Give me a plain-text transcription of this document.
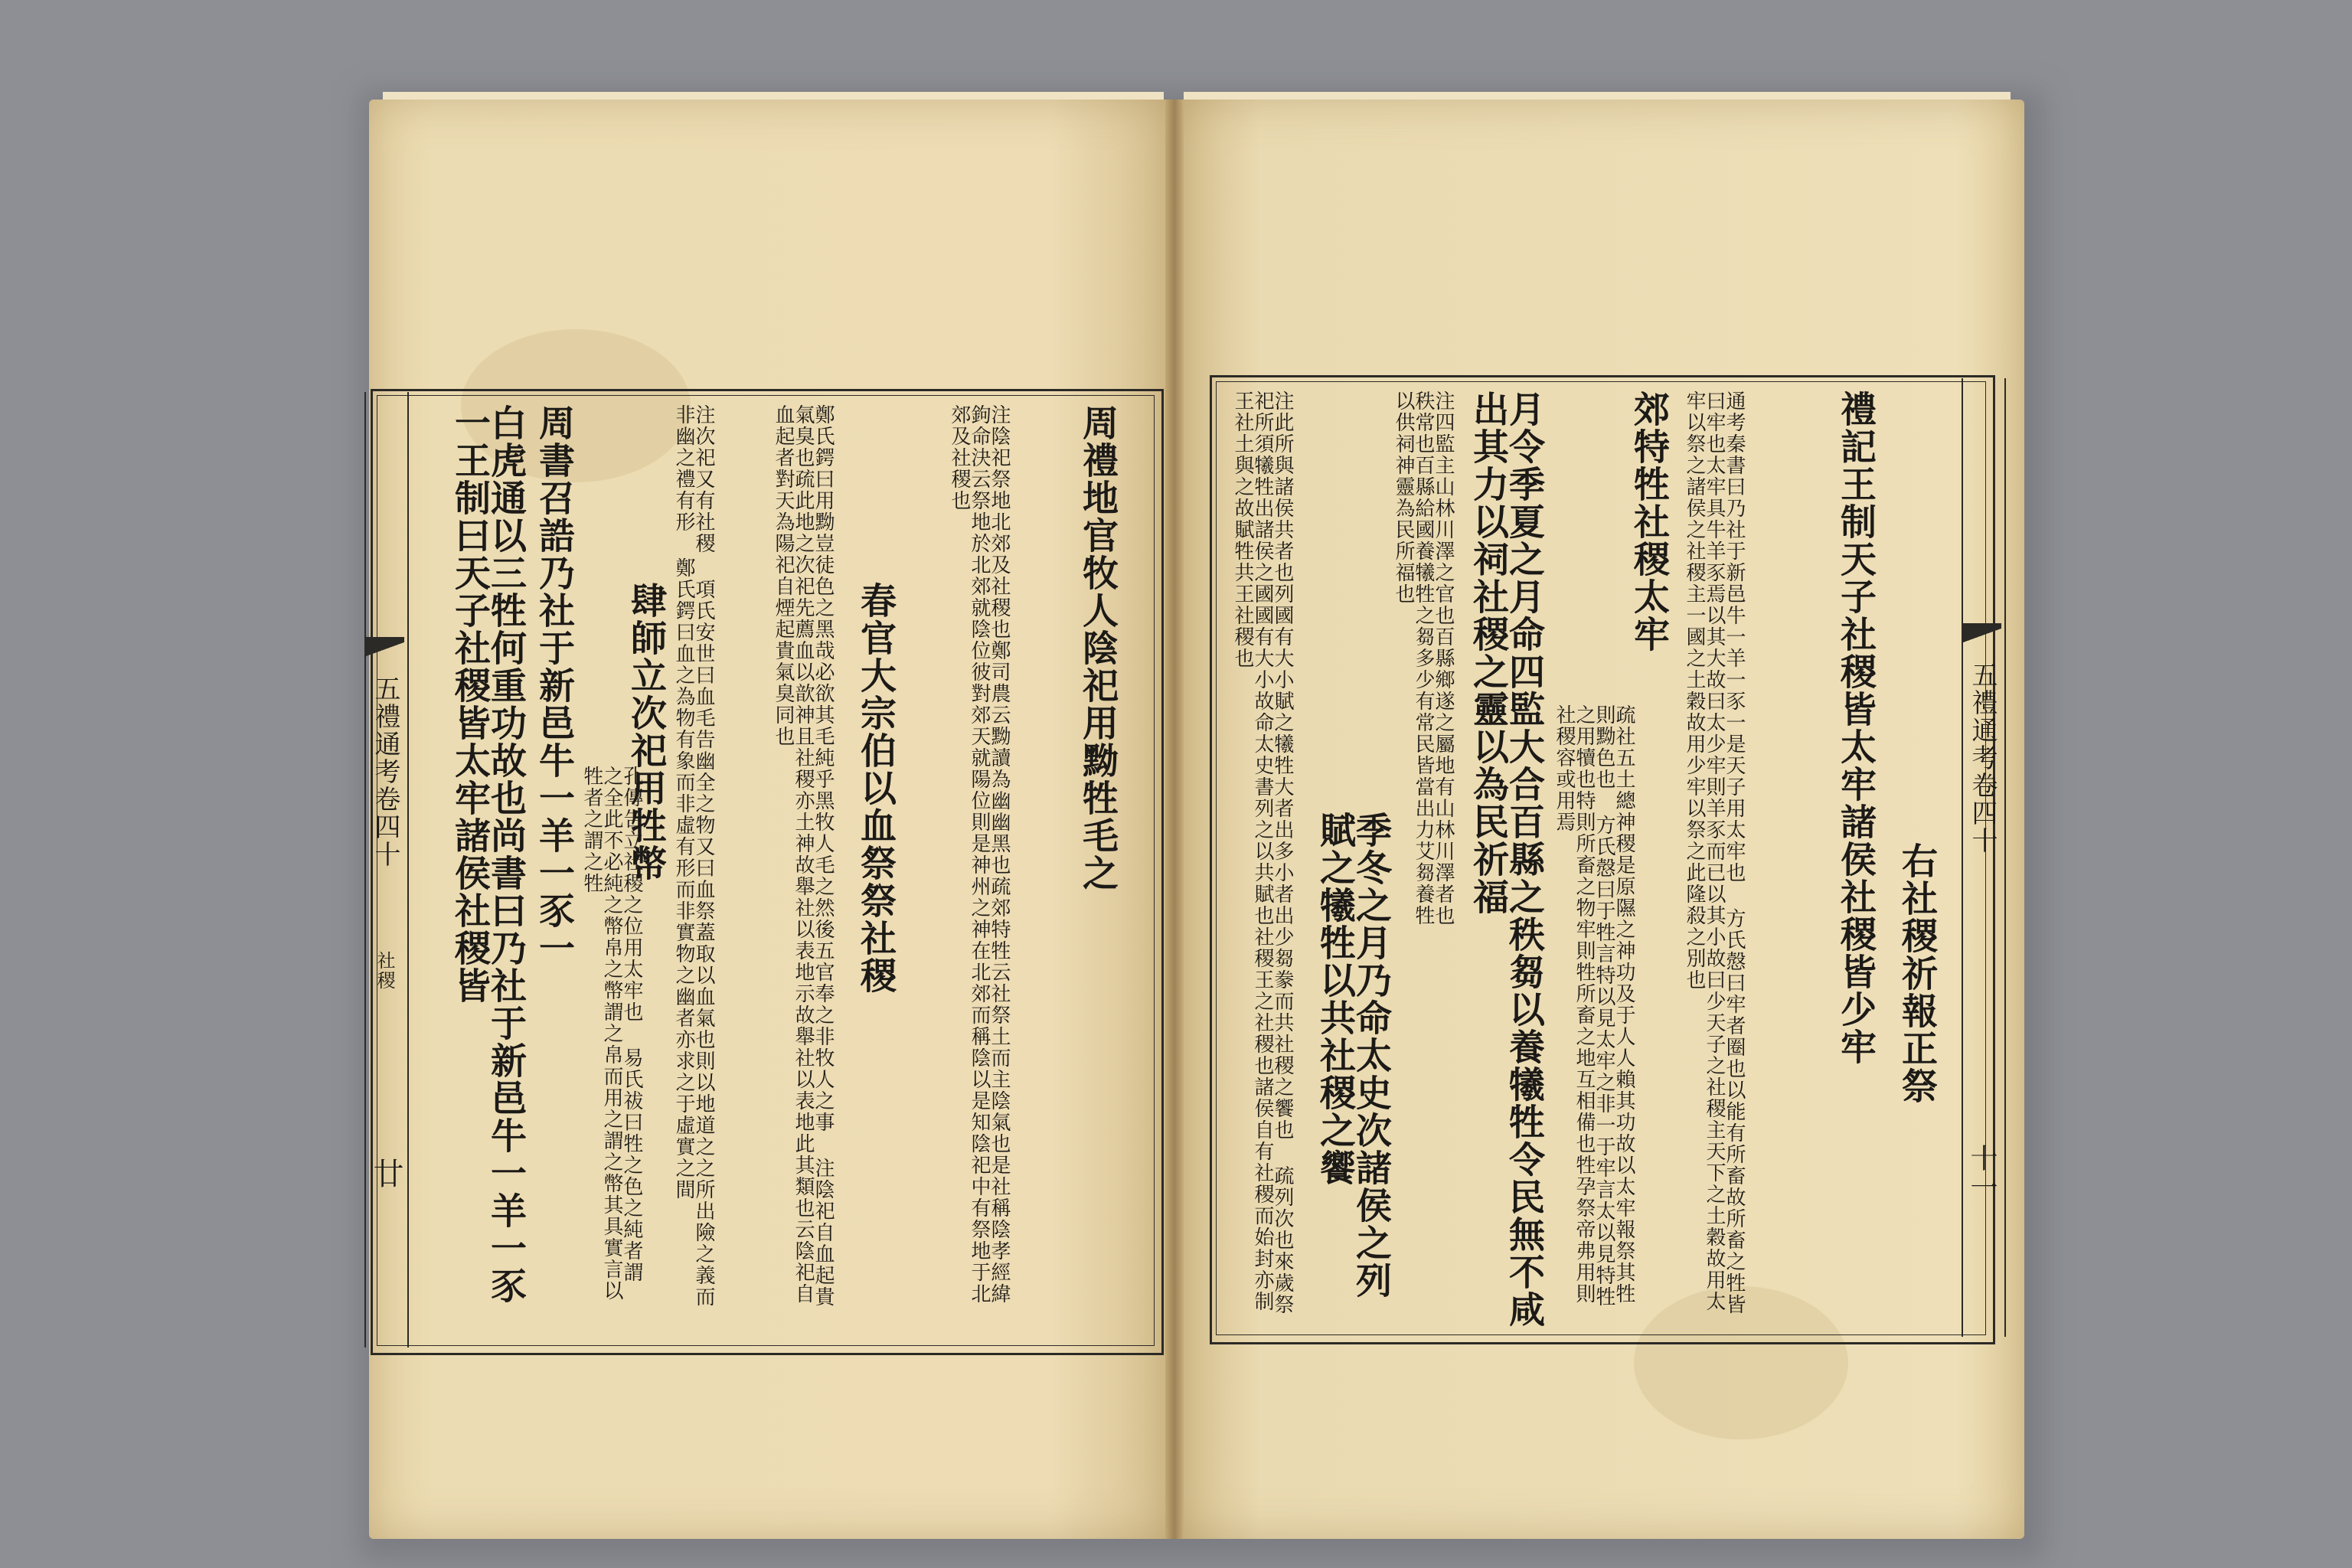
五禮通考卷四十
社稷
廿
周禮地官牧人陰祀用黝牲毛之
注陰祀祭地北郊及社稷也鄭司農云黝讀為幽幽黑也疏郊特牲云社祭土而主陰氣也是社稱陰孝經緯鉤命決云祭地於北郊就陰位彼對郊天就陽位則是神州之神在北郊而稱陰以是知陰祀中有祭地于北郊及社稷也
春官大宗伯以血祭祭社稷
鄭氏鍔曰用黝豈徒色之黑哉必欲其毛純乎黑牧人毛之然後五官奉之非牧人之事 注陰祀自血起貴氣臭也疏此地之次祀先薦血以歆神且社稷亦土神故舉社以表地示故舉社以表地此其類也云陰祀自血起者對天為陽祀自煙起貴氣臭同也
肆師立次祀用牲幣	注次祀又有社稷 項氏安世曰血毛告幽全之物又曰血祭蓋取以血氣也則以地道之之所出險之義而非幽之禮有形 鄭氏鍔曰血之為物有象而非虛有形而非實物之幽者亦求之于虛實之間
周書召誥乃社于新邑牛一羊一豕一
孔傳告立社稷之位用太牢也 易氏祓曰牲之色之純者謂之全此不必純之幣帛之幣謂之帛而用之謂之幣其具實言以牲者之謂之牲
白虎通以三牲何重功故也尚書曰乃社于新邑牛一羊一豕一王制曰天子社稷皆太牢諸侯社稷皆	五禮通考卷四十
十一
右社稷祈報正祭
禮記王制天子社稷皆太牢諸侯社稷皆少牢
通考秦書曰乃社于新邑牛一羊一豕一是天子用太牢也 方氏慤曰牢者圈也以能有所畜故所畜之牲皆曰牢也太牢具牛羊豕焉以其大故曰太少牢則羊豕而已以其小故曰少天子之社稷主天下之土穀故用太牢以祭之諸侯之社稷主一國之土穀故用少牢以祭之此隆殺之別也
郊特牲社稷太牢
疏社五土總神稷是原隰之神功及于人人賴其功故以太牢報祭其牲則黝色也 方氏慤曰于牲言特以見太牢之非一于牢言太以見特牲之用犢也特則所畜之物牢則牲所畜之地互相備也牲孕祭帝弗用則社稷容或用焉
月令季夏之月命四監大合百縣之秩芻以養犧牲令民無不咸出其力以祠社稷之靈以為民祈福
注四監主山林川澤之官也百縣鄉遂之屬地有山林川澤者也秩常也百縣給國養犧牲之芻多少有常民皆當出力艾芻養牲以供祠神靈為民所福也
季冬之月乃命太史次諸侯之列賦之犧牲以共社稷之饗
注此所與諸侯共者也列國有大小賦之犧牲大者出多小者出少芻豢而共社稷之饗也 疏列次也來歲祭祀所須犧牲出諸侯之國國有大小故命太史書列之以共賦也社稷王之社稷也諸侯自有社稷而始封亦制王社土與之故賦牲共王社稷也
